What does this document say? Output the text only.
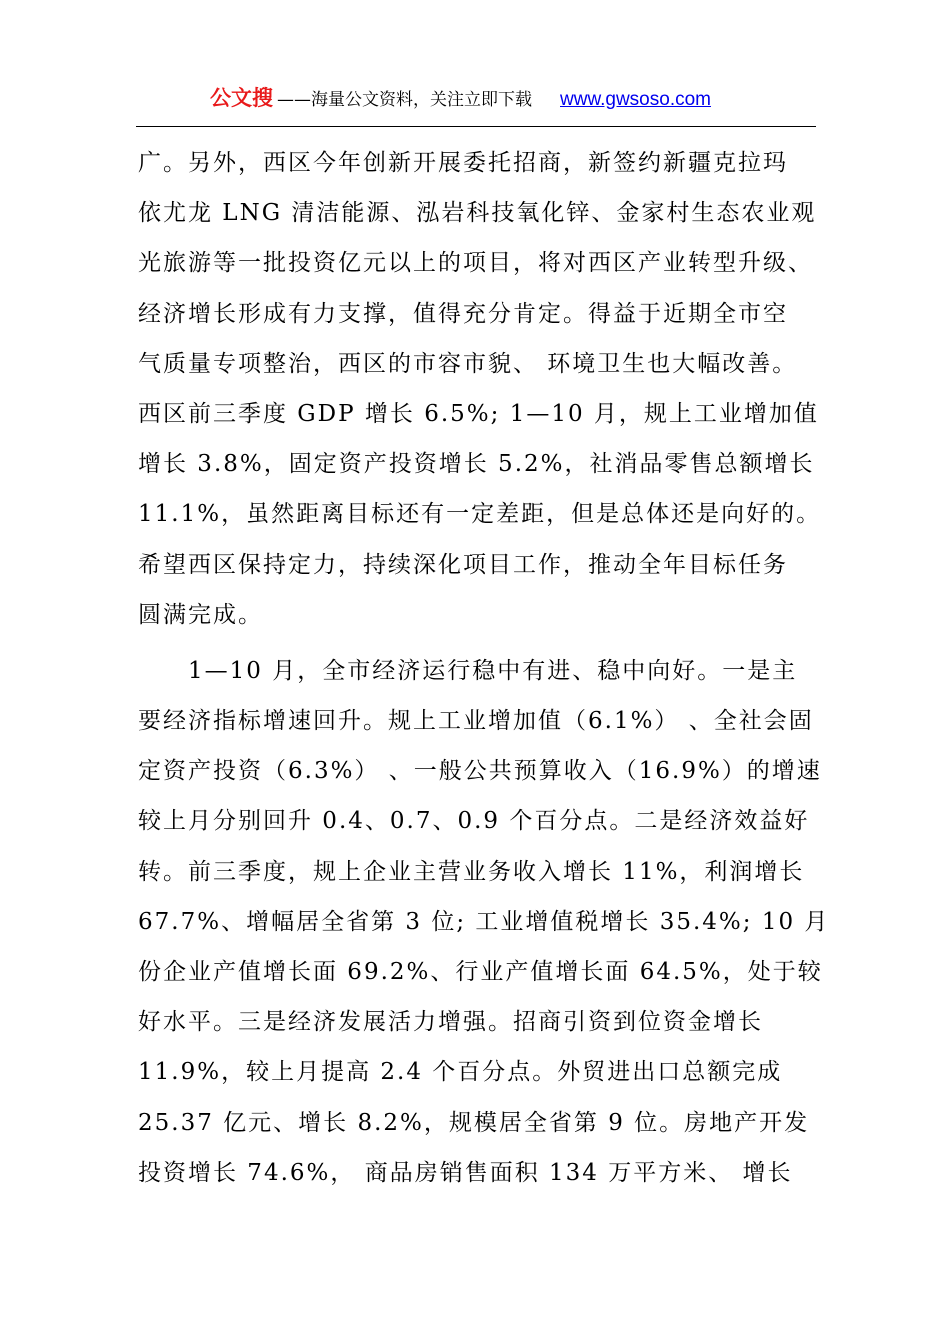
公文搜 ——海量公文资料，关注立即下载 www.gwsoso.com
广。另外，西区今年创新开展委托招商，新签约新疆克拉玛
依尤龙 LNG 清洁能源、泓岩科技氧化锌、金家村生态农业观
光旅游等一批投资亿元以上的项目，将对西区产业转型升级、
经济增长形成有力支撑，值得充分肯定。得益于近期全市空
气质量专项整治，西区的市容市貌、 环境卫生也大幅改善。
西区前三季度 GDP 增长 6.5%; 1—10 月，规上工业增加值
增长 3.8%，固定资产投资增长 5.2%，社消品零售总额增长
11.1%，虽然距离目标还有一定差距，但是总体还是向好的。
希望西区保持定力，持续深化项目工作，推动全年目标任务
圆满完成。
　　1—10 月，全市经济运行稳中有进、稳中向好。一是主
要经济指标增速回升。规上工业增加值（6.1%） 、全社会固
定资产投资（6.3%） 、一般公共预算收入（16.9%）的增速
较上月分别回升 0.4、0.7、0.9 个百分点。二是经济效益好
转。前三季度，规上企业主营业务收入增长 11%，利润增长
67.7%、增幅居全省第 3 位; 工业增值税增长 35.4%; 10 月
份企业产值增长面 69.2%、行业产值增长面 64.5%，处于较
好水平。三是经济发展活力增强。招商引资到位资金增长
11.9%，较上月提高 2.4 个百分点。外贸进出口总额完成
25.37 亿元、增长 8.2%，规模居全省第 9 位。房地产开发
投资增长 74.6%， 商品房销售面积 134 万平方米、 增长
